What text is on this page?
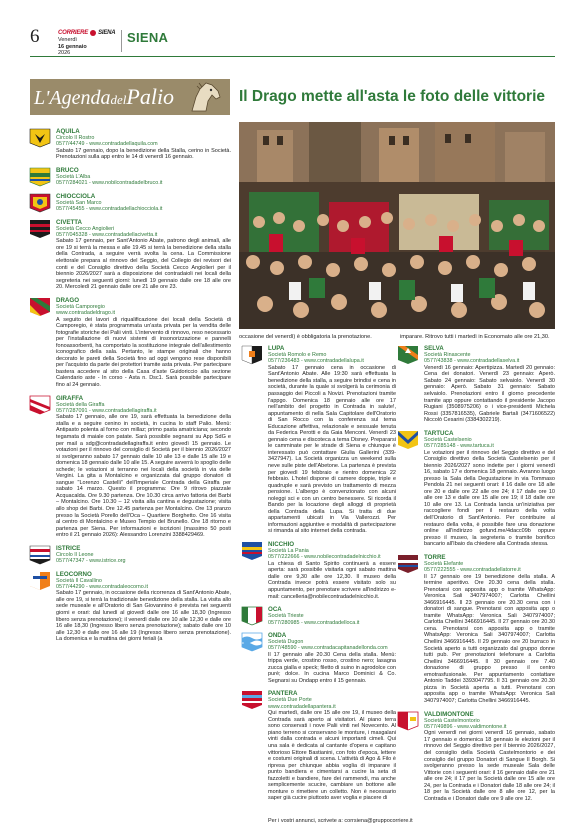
6	CORRIERE SIENA
Venerdì
16 gennaio
2026
SIENA
L'AgendadelPalio	Il Drago mette all'asta le foto delle vittorie
occasione del venerdì) è obbligatoria la prenotazione.	imparare. Ritrovo tutti i martedì in Economato alle ore 21,30.
AQUILA
Circolo Il Rostro
0577/44749 - www.contradadellaquila.com
Sabato 17 gennaio, dopo la benedizione della Stalla, cerino in Società. Prenotazioni sulla app entro le 14 di venerdì 16 gennaio.
BRUCO
Società L'Alba
0577/284021 - www.nobilcontradadelbruco.it
CHIOCCIOLA
Società San Marco
0577/45455 - www.contradadellachiocciola.it
CIVETTA
Società Cecco Angiolieri
0577/045328 - www.contradadellacivetta.it
Sabato 17 gennaio, per Sant'Antonio Abate, patrono degli animali, alle ore 19 si terrà la messa e alle 19.45 si terrà la benedizione della stalla della Contrada, a seguire verrà svolta la cena. La Commissione elettorale prepara al rinnovo del Seggio, del Collegio dei revisori dei conti e del Consiglio direttivo della Società Cecco Angiolieri per il biennio 2026/2027 sarà a disposizione dei contradaioli nei locali della segreteria nei seguenti giorni: lunedì 19 gennaio dalle ore 18 alle ore 20. Mercoledì 21 gennaio dalle ore 21 alle ore 23.
DRAGO
Società Camporegio
www.contradadeldrago.it
A seguito dei lavori di riqualificazione dei locali della Società di Camporegio, è stata programmata un'asta privata per la vendita delle fotografie storiche dei Palii vinti. L'intervento di rinnovo, reso necessario per l'installazione di nuovi sistemi di insonorizzazione e pannelli fonoassorbenti, ha comportato la sostituzione integrale dell'allestimento iconografico della sala. Pertanto, le stampe originali che hanno decorato le pareti della Società fino ad oggi vengono rese disponibili per l'acquisto da parte dei protettori tramite asta privata. Per partecipare bastera accedere al sito della Casa d'aste Guidoriccio alla sezione Calendario aste - In corso - Asta n. Dsc1. Sarà possibile partecipare fino al 24 gennaio.
GIRAFFA
Società della Giraffa
0577/287091 - www.contradadellagiraffa.it
Sabato 17 gennaio, alle ore 19, sarà effettuata la benedizione della stalla e a seguire cenino in società, in cucina lo staff Palio. Menù: Antipasto polenta al forno con millaz; primo pasta amatriciana; secondo tegamata di maiale con patate. Sarà possibile segnarsi su App SdG e per mail a sdg@contradadellagiraffa.it entro giovedì 15 gennaio. Le votazioni per il rinnovo del consiglio di Società per il biennio 2026/2027 si svolgeranno sabato 17 gennaio dalle 10 alle 13 e dalle 15 alle 19 e domenica 18 gennaio dalle 10 alle 15. A seguire avverrà lo spoglio delle schede; le votazioni si terranno nei locali della società in via delle Vergini. La gita a Montalcino e organizzata dal gruppo donatori di sangue "Lorenzo Castelli" dell'Imperiale Contrada della Giraffa per sabato 14 marzo. Questo il programma: Ore 9 ritrovo piazzale Acquacalda. Ore 9.30 partenza. Ore 10.30 circa arrivo fattoria dei Barbi – Montalcino. Ore 10.30 – 12 visita alla cantina e degustazione; visita allo shop dei Barbi. Ore 12.45 partenza per Montalcino. Ore 13 pranzo presso la Società Porello dell'Oca – Quartiere Borghetto. Ore 16 visita al centro di Montalcino e Museo Tempio del Brunello. Ore 18 ritorno e partenza per Siena. Per informazioni e iscrizioni (massimo 50 posti entro il 21 gennaio 2026): Alessandro Lorenzini 3388429469.
ISTRICE
Circolo Il Leone
0577/47347 - www.istrice.org
LEOCORNO
Società Il Cavallino
0577/44290 - www.contradaleocorno.it
Sabato 17 gennaio, in occasione della ricorrenza di Sant'Antonio Abate, alle ore 19, si terrà la tradizionale benedizione della stalla. La visita allo sede museale e all'Oratorio di San Giovannino è prevista nei seguenti giorni e orari: dal lunedì al giovedì dalle ore 16 alle 18,30 (Ingresso libero senza prenotazione); il venerdì dalle ore 10 alle 12,30 e dalle ore 16 alle 18,30 (Ingresso libero senza prenotazione); sabato dalle ore 10 alle 12,30 e dalle ore 16 alle 19 (Ingresso libero senza prenotazione). La domenica e la mattina dei giorni feriali (a
LUPA
Società Romolo e Remo
0577/236483 - www.contradadellalupa.it
Sabato 17 gennaio cena in occasione di Sant'Antonio Abate. Alle 19:30 sarà effettuata la benedizione della stalla, a seguire brindisi e cena in società, durante la quale si svolgerà la cerimonia di passaggio dei Piccoli a Novizi. Prenotazioni tramite l'appgo. Domenica 18 gennaio alle ore 17 nell'ambito del progetto in Contrada in salute!, appuntamento di nella Sala Capitolare dell'Oratorio di San Rocco con la conferenza sul tema Educazione affettiva, relazionale e sessuale tenuta da Federica Perotti e da Gaia Menconi. Venerdì 23 gennaio cena e discoteca a tema Disney. Prepararsi le camminate per le strade di Siena e chiunque è interessato può contattare Giulia Gallerini (339-3427947). La Società organizza un weekend sulla neve sulle piste dell'Abetone. La partenza è prevista per giovedì 19 febbraio e rientro domenica 22 febbraio. L'hotel dispone di camere doppie, triple e quadruple e sarà previsto un trattamento di mezza pensione. L'albergo è convenzionato con alcuni noleggi sci e con un centro benessere. Si ricorda il Bando per la locazione degli alloggi di proprietà della Contrada della Lupa. Si tratta di due appartamenti ubicati in Via Vallerozzi. Per informazioni aggiuntive e modalità di partecipazione si rimanda al sito internet della contrada.
NICCHIO
Società La Pania
0577/222666 - www.nobilecontradadelnicchio.it
La chiesa di Santo Spirito continuerà a essere aperta: sarà possibile visitarla ogni sabato mattina dalle ore 9,30 alle ore 12,30. Il museo della Contrada invece potrà essere visitato solo su appuntamento, per prenotare scrivere all'indirizzo e-mail: cancelleria@nobilecontradadelnicchio.it.
OCA
Società Trieste
0577/280985 - www.contradadelloca.it
ONDA
Società Dugon
0577/48590 - www.contradacapitanadellonda.com
Il 17 gennaio alle 20.30 Cena della stalla. Menù: trippa verde, crostino rosso, crostino nero; lasagna zucca gialla e speck; filetto di suino in agrodolce con purè; dolce. In cucina Marco Dominici & Co. Segnarsi su Ondapp entro il 15 gennaio.
PANTERA
Società Due Porte
www.contradadellapantera.it
Qui martedì, dalle ore 15 alle ore 19, il museo della Contrada sarà aperto ai visitatori. Al piano terra sono conservati i nove Palii vinti nel Novecento. Al piano terreno si conservano le monture, i masgalani vinti dalla contrada e alcuni importanti cimeli. Qui una sala è dedicata al cantante d'opera e capitano vittorioso Ettore Bastianini, con foto d'epoca, lettere e costumi originali di scena. L'attività di Ago & Filo è ripresa per chiunque abbia voglia di imparare il punto bandiera e cimentarsi a cucire la seta di fazzoletti e bandiere, fare dei rammendi, ma anche semplicemente scucire, cambiare un bottone alle monture o rimettere un colletto. Non è necessario saper già cucire piuttosto aver voglia e piacere di
SELVA
Società Rinascente
0577/43838 - www.contradadellaselva.it
Venerdì 16 gennaio: Apertipizza. Martedì 20 gennaio: Cena dei donatori. Venerdì 23 gennaio: Aperò. Sabato 24 gennaio: Sabato selvaiolo. Venerdì 30 gennaio: Aperò. Sabato 31 gennaio: Sabato selvaiolo. Prenotazioni entro il giorno precedente tramite app oppure contattando il presidente Jacopo Rugiani (3508975206) o i vice-presidenti Michela Rossi (3357816535), Gabriele Bartali (3471606522) Niccolò Cesarini (3384302219).
TARTUCA
Società Castelsenio
0577/285148 - www.tartuca.it
Le votazioni per il rinnovo del Seggio direttivo e del Consiglio direttivo della Società Castelsenio per il biennio 2026/2027 sono indette per i giorni venerdì 16, sabato 17 e domenica 18 gennaio. Avranno luogo presso la Sala della Degustazione in via Tommaso Pendola 21 nei seguenti orari: il 16 dalle ore 18 alle ore 20 e dalle ore 22 alle ore 24; il 17 dalle ore 10 alle ore 13 e dalle ore 15 alle ore 19; il 18 dalle ore 10 alle ore 13. La Contrada lancia un'iniziativa per raccogliere fondi per il restauro della volta dell'Oratorio di Sant'Antonio. Per contribuire al restauro della volta, è possibile fare una donazione online all'indirizzo gofund.me/4dacc09b oppure presso il museo, la segreteria o tramite bonifico bancario all'Ibaio da chiedere alla Contrada stessa.
TORRE
Società Elefante
0577/222555 - www.contradadellatorre.it
Il 17 gennaio ore 19 benedizione della stalla. A termine aperitivo. Ore 20.30 cena della stalla. Prenotarsi con apposita app o tramite WhatsApp: Veronica Sali 3407974007; Carlotta Chellini 3466916445. Il 23 gennaio ore 20.30 cena con i donatori di sangue. Prenotarsi con apposita app o tramite WhatsApp: Veronica Sali 3407974007; Carlotta Chellini 3466916445. Il 27 gennaio ore 20.30 cena. Prenotarsi con apposita app o tramite WhatsApp: Veronica Sali 3407974007; Carlotta Chellini 3466916445. Il 29 gennaio ore 20 burraco in Società aperto a tutti organizzato dal gruppo donne tutti pub. Per prenotazioni telefonare a Carlotta Chellini 3466916445. Il 30 gennaio ore 7.40 donazione di gruppo presso il centro emotrasfusionale. Per appuntamento contattare Antonio Taddei 3393047795. Il 31 gennaio ore 20.30 pizza in Società aperta a tutti. Prenotarsi con apposita app o tramite WhatsApp: Veronica Sali 3407974007; Carlotta Chellini 3466916445.
VALDIMONTONE
Società Castelmontorio
0577/49896 - www.valdimontone.it
Ogni venerdì nei giorni venerdì 16 gennaio, sabato 17 gennaio e domenica 18 gennaio le elezioni per il rinnovo del Seggio direttivo per il biennio 2026/2027, del consiglio della Società Castelmontorio e dei consiglio del gruppo Donatori di Sangue Il Borgh. Si svolgeranno presso la sede museale Sala delle Vittorie con i seguenti orari: il 16 gennaio dalle ore 21 alle ore 24; il 17 per la Società dalle ore 15 alle ore 24, per la Contrada e i Donatori dalle 18 alle ore 24; il 18 per la Società dalle ore 8 alle ore 12, per la Contrada e i Donatori dalle ore 9 alle ore 12.
Per i vostri annunci, scrivete a: corrsiena@gruppocorriere.it
